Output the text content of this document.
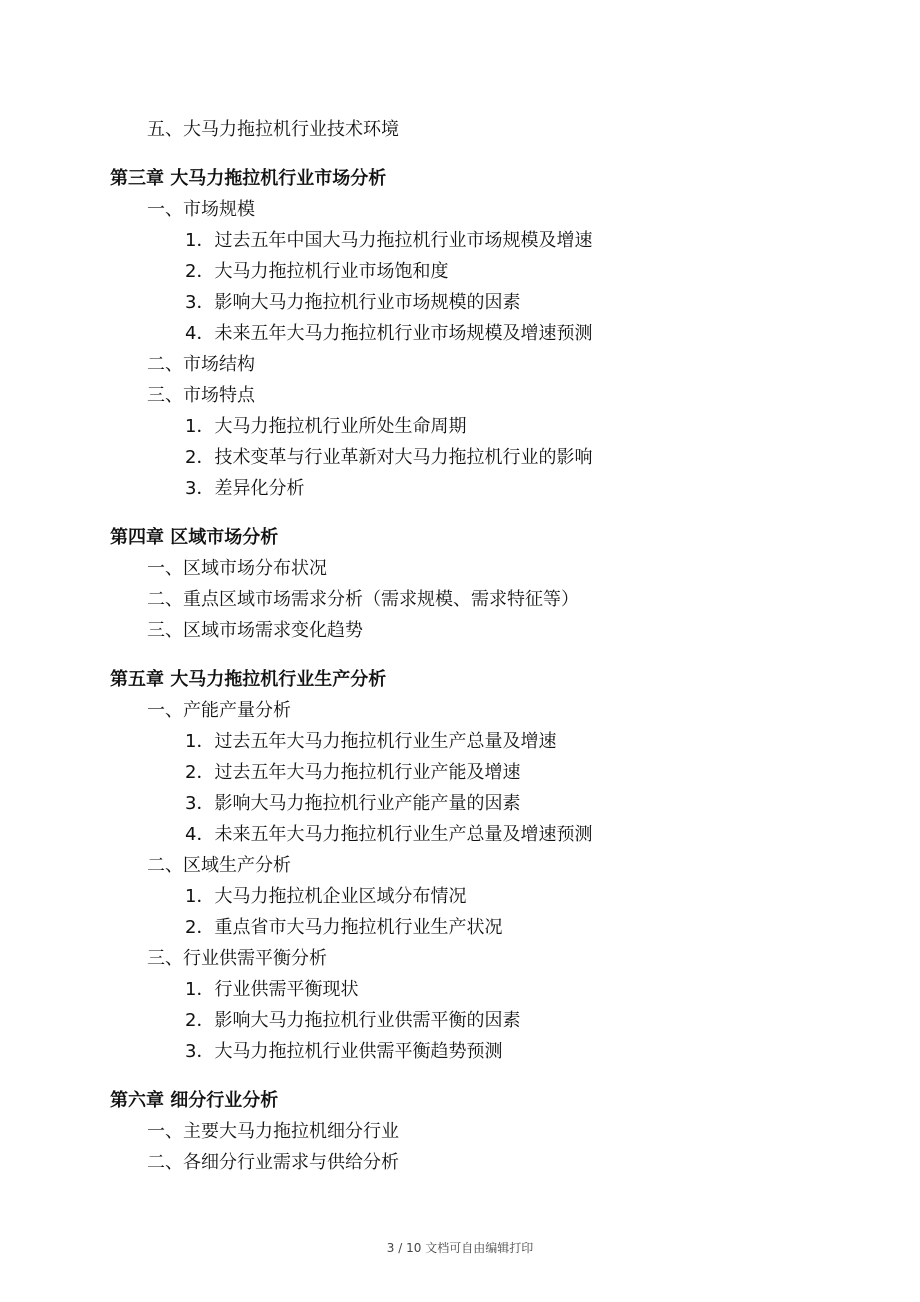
五、大马力拖拉机行业技术环境
第三章 大马力拖拉机行业市场分析
一、市场规模
1．过去五年中国大马力拖拉机行业市场规模及增速
2．大马力拖拉机行业市场饱和度
3．影响大马力拖拉机行业市场规模的因素
4．未来五年大马力拖拉机行业市场规模及增速预测
二、市场结构
三、市场特点
1．大马力拖拉机行业所处生命周期
2．技术变革与行业革新对大马力拖拉机行业的影响
3．差异化分析
第四章 区域市场分析
一、区域市场分布状况
二、重点区域市场需求分析（需求规模、需求特征等）
三、区域市场需求变化趋势
第五章 大马力拖拉机行业生产分析
一、产能产量分析
1．过去五年大马力拖拉机行业生产总量及增速
2．过去五年大马力拖拉机行业产能及增速
3．影响大马力拖拉机行业产能产量的因素
4．未来五年大马力拖拉机行业生产总量及增速预测
二、区域生产分析
1．大马力拖拉机企业区域分布情况
2．重点省市大马力拖拉机行业生产状况
三、行业供需平衡分析
1．行业供需平衡现状
2．影响大马力拖拉机行业供需平衡的因素
3．大马力拖拉机行业供需平衡趋势预测
第六章 细分行业分析
一、主要大马力拖拉机细分行业
二、各细分行业需求与供给分析
3 / 10 文档可自由编辑打印
